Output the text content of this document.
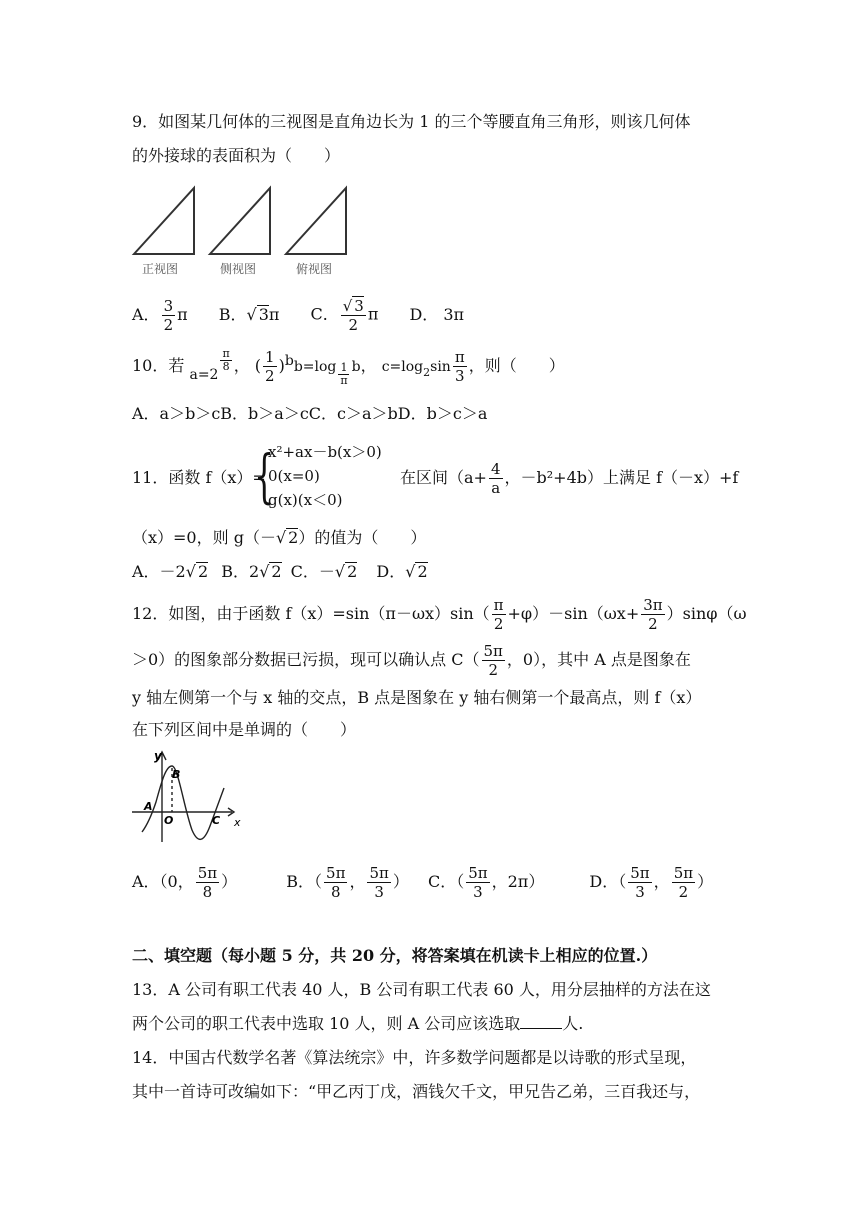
9．如图某几何体的三视图是直角边长为 1 的三个等腰直角三角形，则该几何体
的外接球的表面积为（　　）
正视图	侧视图	俯视图
A． $\frac{3}{2}$ π B．√ 3π C． $\frac{√ 3}{2}$ π D． 3π
10．若 a=2
$\frac{\pi}{8}$ ， ( $\frac{1}{2} )bb=\log \frac{1}{\pi}$ b， $c=\log_2\sin \frac{\pi}{3}$ ，则（　　）
A．a＞b＞cB．b＞a＞cC．c＞a＞bD．b＞c＞a
{
x²+ax－b(x＞0)
0(x=0)
g(x)(x＜0)
11．函数 f（x）=	在区间（$a+ \frac{4}{a}$ ，－b²+4b）上满足 f（－x）+f
（x）=0，则 g（－√ 2）的值为（　　）
A．－2√ 2 B．2√ 2 C．－√ 2 D．√ 2
12．如图，由于函数 $f(x)=\sin(\pi-\omega x)\sin( \frac{\pi}{2} +\varphi)-\sin(\omega x+ \frac{3\pi}{2} )\sin\varphi(\omega$
＞0）的图象部分数据已污损，现可以确认点 $C( \frac{5\pi}{2}$ ，0），其中 A 点是图象在
y 轴左侧第一个与 x 轴的交点，B 点是图象在 y 轴右侧第一个最高点，则 f（x）
在下列区间中是单调的（　　）
y
B
A
O	C x
A．（0， $\frac{5\pi}{8}$ ）	B．（ $\frac{5\pi}{8}$ ， $\frac{5\pi}{3}$ ） C．（ $\frac{5\pi}{3}$ ，2π）	D．（ $\frac{5\pi}{3}$ ， $\frac{5\pi}{2}$ ）
二、填空题（每小题 5 分，共 20 分，将答案填在机读卡上相应的位置.）
13．A 公司有职工代表 40 人，B 公司有职工代表 60 人，用分层抽样的方法在这
两个公司的职工代表中选取 10 人，则 A 公司应该选取	人.
14．中国古代数学名著《算法统宗》中，许多数学问题都是以诗歌的形式呈现，
其中一首诗可改编如下：“甲乙丙丁戊，酒钱欠千文，甲兄告乙弟，三百我还与，
